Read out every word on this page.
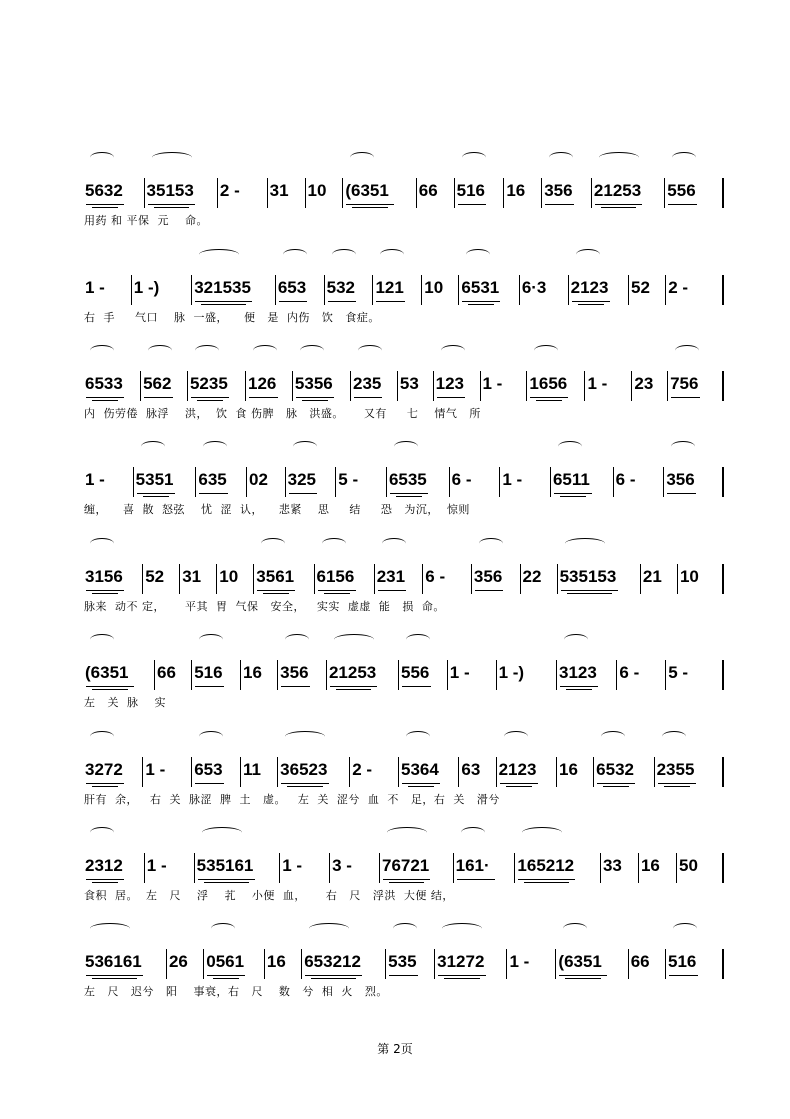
5632 35153 2 - 31 10 (6351 66 516 16 356 21253 556
用药 和 平保  元    命。
1 - 1 -) 321535 653 532 121 10 6531 6·3 2123 52 2 -
右  手     气口    脉  一盛，    便   是  内伤   饮   食症。
6533 562 5235 126 5356 235 53 123 1 - 1656 1 - 23 756
内  伤劳倦  脉浮    洪，  饮  食 伤脾   脉   洪盛。     又有     七    情气   所
1 - 5351 635 02 325 5 - 6535 6 - 1 - 6511 6 - 356
缠，    喜  散  怒弦    忧  涩  认，    悲紧    思     结     恐   为沉，  惊则
3156 52 31 10 3561 6156 231 6 - 356 22 535153 21 10
脉来  动不 定，     平其  胃  气保   安全，   实实  虚虚  能   损  命。
(6351 66 516 16 356 21253 556 1 - 1 -) 3123 6 - 5 -
左   关  脉    实
3272 1 - 653 11 36523 2 - 5364 63 2123 16 6532 2355
肝有  余，   右  关  脉涩  脾  土   虚。   左  关  涩兮  血  不   足，右  关   滑兮
2312 1 - 535161 1 - 3 - 76721 161· 165212 33 16 50
食积  居。  左   尺    浮    芤    小便  血，     右   尺   浮洪  大便 结，
536161 26 0561 16 653212 535 31272 1 - (6351 66 516
左   尺   迟兮   阳    事衰，右   尺    数   兮  相  火   烈。
第 2页
